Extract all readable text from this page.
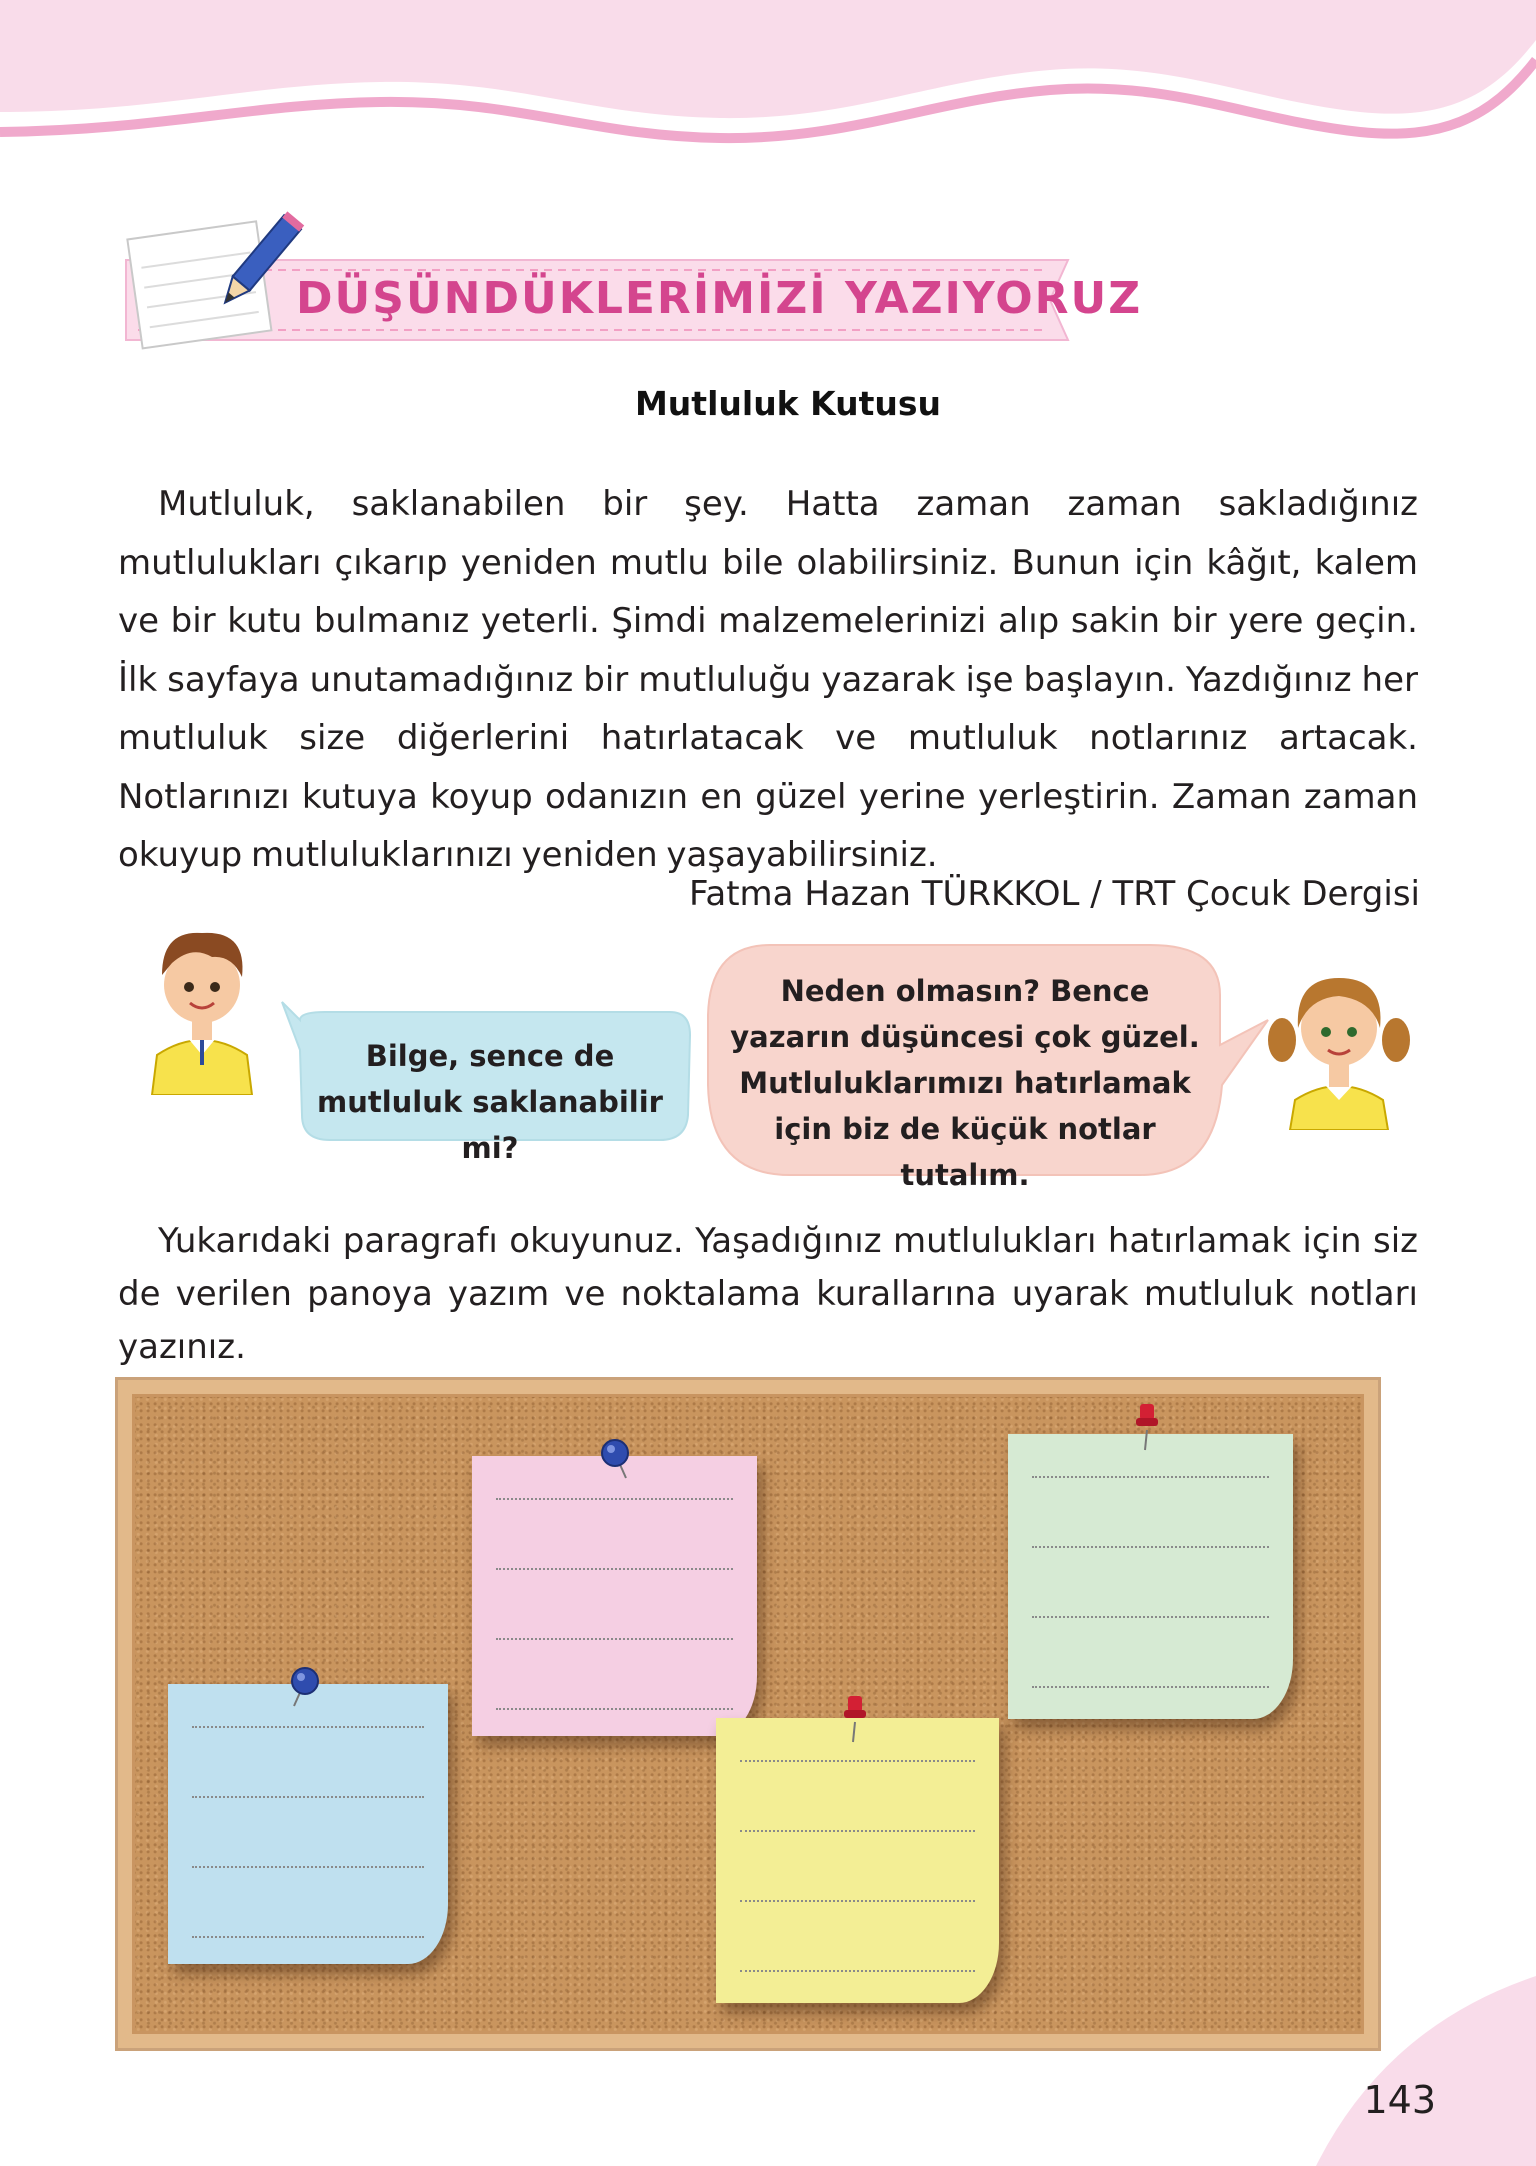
DÜŞÜNDÜKLERİMİZİ YAZIYORUZ
Mutluluk Kutusu

Mutluluk, saklanabilen bir şey. Hatta zaman zaman sakladığınız mutlulukları çıkarıp yeniden mutlu bile olabilirsiniz. Bunun için kâğıt, kalem ve bir kutu bulmanız yeterli. Şimdi malzemelerinizi alıp sakin bir yere geçin. İlk sayfaya unutamadığınız bir mutluluğu yazarak işe başlayın. Yazdığınız her mutluluk size diğerlerini hatırlatacak ve mutluluk notlarınız artacak. Notlarınızı kutuya koyup odanızın en güzel yerine yerleştirin. Zaman zaman okuyup mutluluklarınızı yeniden yaşayabilirsiniz.

Fatma Hazan TÜRKKOL / TRT Çocuk Dergisi

Bilge, sence de mutluluk saklanabilir mi?

Neden olmasın? Bence yazarın düşüncesi çok güzel. Mutluluklarımızı hatırlamak için biz de küçük notlar tutalım.

Yukarıdaki paragrafı okuyunuz. Yaşadığınız mutlulukları hatırlamak için siz de verilen panoya yazım ve noktalama kurallarına uyarak mutluluk notları yazınız.

143
